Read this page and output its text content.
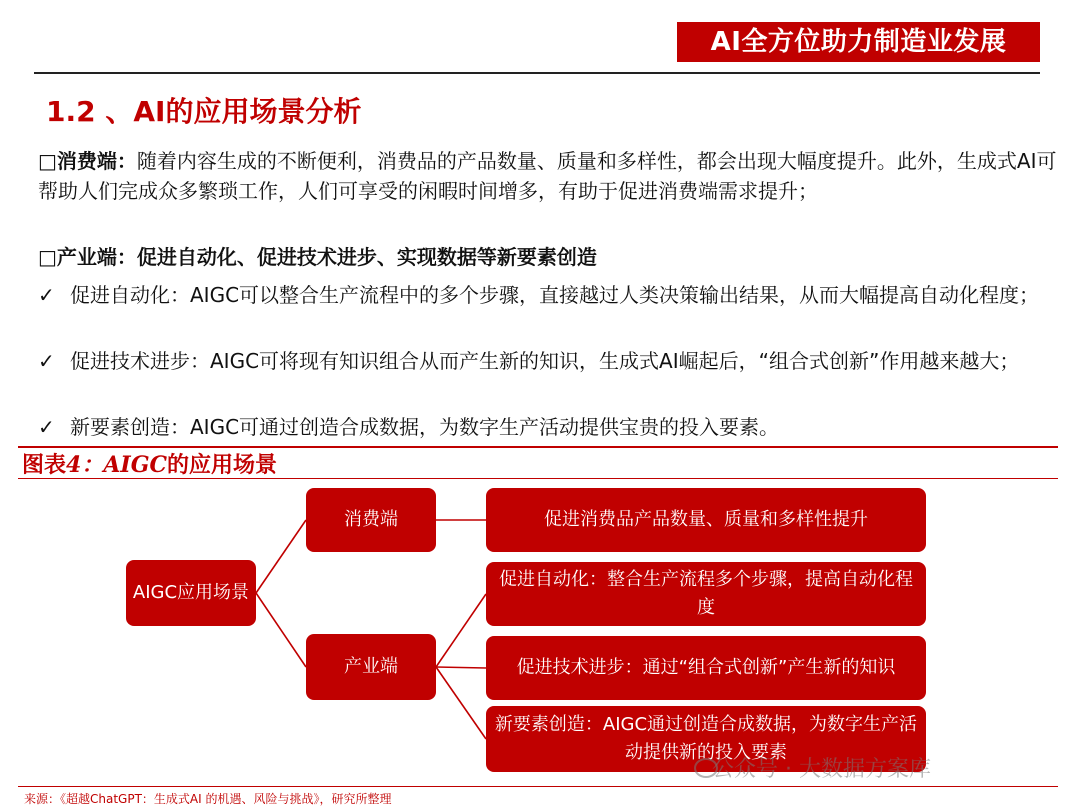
AI全方位助力制造业发展
1.2 、AI的应用场景分析
□消费端：随着内容生成的不断便利，消费品的产品数量、质量和多样性，都会出现大幅度提升。此外，生成式AI可帮助人们完成众多繁琐工作，人们可享受的闲暇时间增多，有助于促进消费端需求提升；
□产业端：促进自动化、促进技术进步、实现数据等新要素创造
✓ 促进自动化：AIGC可以整合生产流程中的多个步骤，直接越过人类决策输出结果，从而大幅提高自动化程度；
✓ 促进技术进步：AIGC可将现有知识组合从而产生新的知识，生成式AI崛起后，“组合式创新”作用越来越大；
✓ 新要素创造：AIGC可通过创造合成数据，为数字生产活动提供宝贵的投入要素。
图表4：AIGC的应用场景
AIGC应用场景
消费端
产业端
促进消费品产品数量、质量和多样性提升
促进自动化：整合生产流程多个步骤，提高自动化程度
促进技术进步：通过“组合式创新”产生新的知识
新要素创造：AIGC通过创造合成数据，为数字生产活动提供新的投入要素
公众号 · 大数据方案库
来源：《超越ChatGPT：生成式AI 的机遇、风险与挑战》，研究所整理
